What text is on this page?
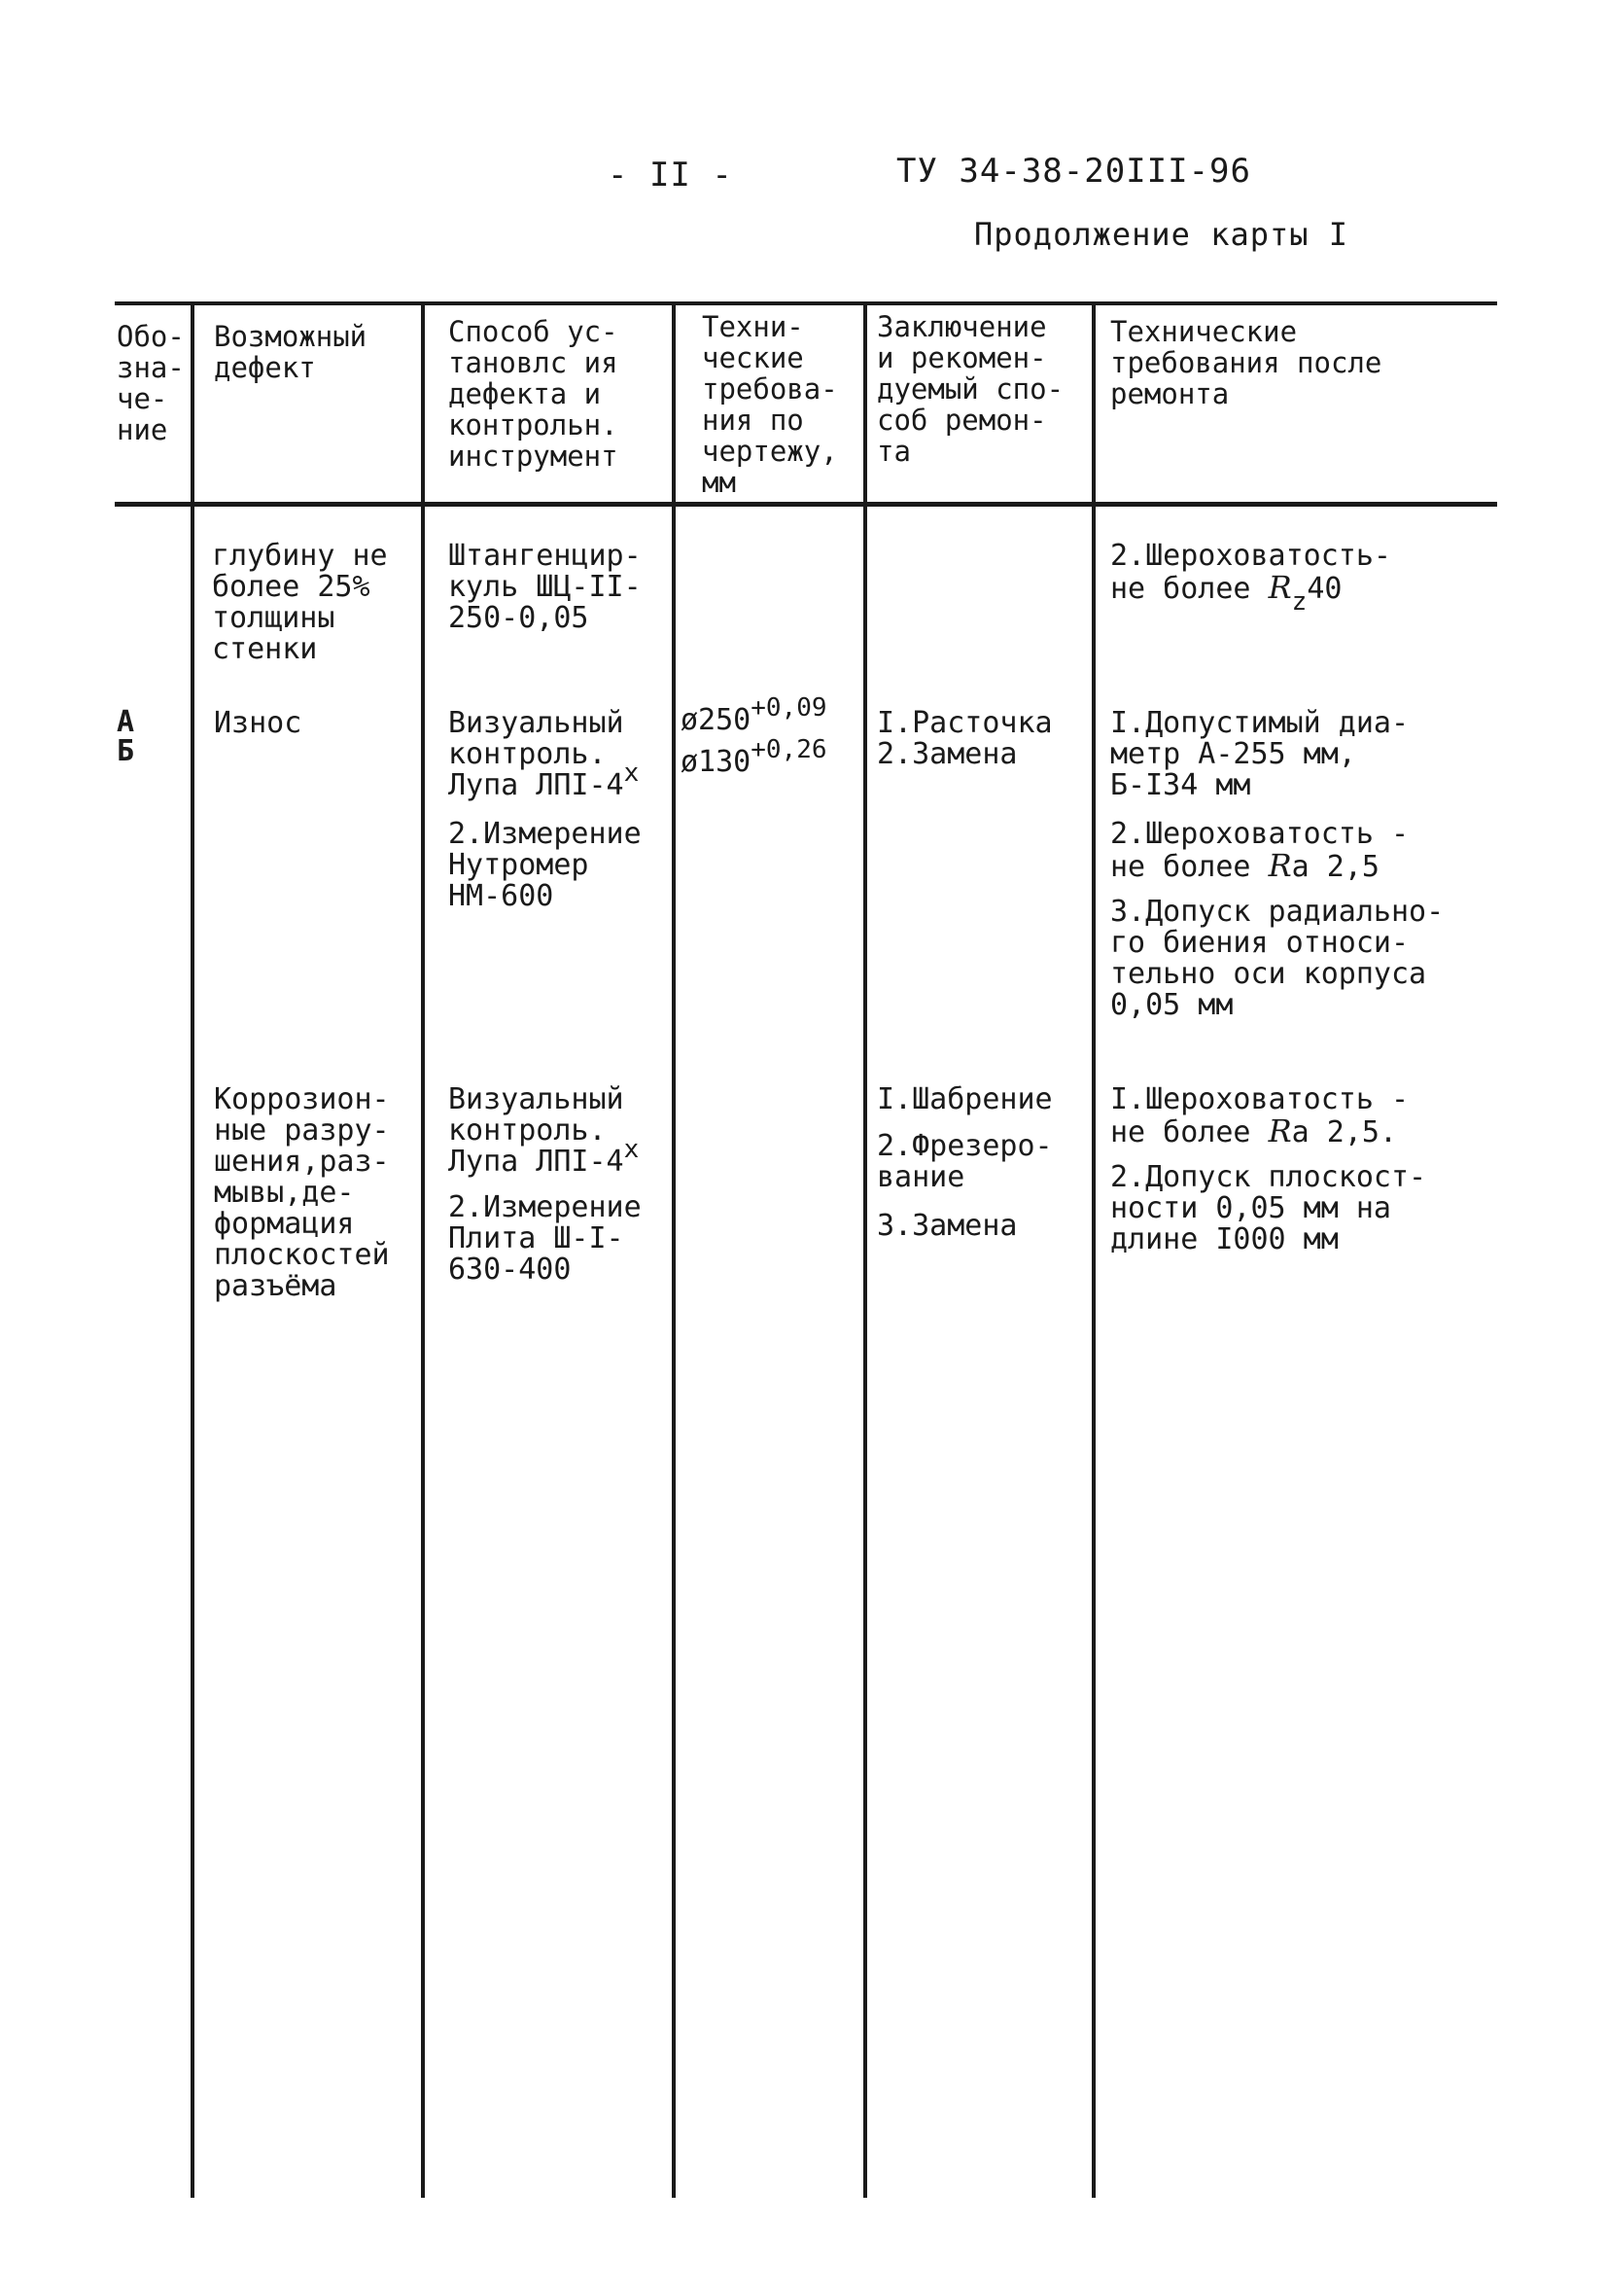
- II -	ТУ 34-38-20III-96
Продолжение карты I
Обо-
зна-
че-
ние
Возможный
дефект
Способ ус-
тановлс ия
дефекта и
контрольн.
инструмент
Техни-
ческие
требова-
ния по
чертежу,
мм
Заключение
и рекомен-
дуемый спо-
соб ремон-
та
Технические
требования после
ремонта
глубину не
более 25%
толщины
стенки
Штангенцир-
куль ШЦ-II-
250-0,05
2.Шероховатость-
не более Rz40
А
Б
Износ	Визуальный
контроль.
Лупа ЛПI-4х
2.Измерение
Нутромер
НМ-600
ø250+0,09
ø130+0,26
I.Расточка
2.Замена
I.Допустимый диа-
метр А-255 мм,
Б-I34 мм
2.Шероховатость -
не более Rа 2,5
3.Допуск радиально-
го биения относи-
тельно оси корпуса
0,05 мм
Коррозион-
ные разру-
шения,раз-
мывы,де-
формация
плоскостей
разъёма
Визуальный
контроль.
Лупа ЛПI-4х
2.Измерение
Плита Ш-I-
630-400
I.Шабрение
2.Фрезеро-
вание
3.Замена
I.Шероховатость -
не более Rа 2,5.
2.Допуск плоскост-
ности 0,05 мм на
длине I000 мм
